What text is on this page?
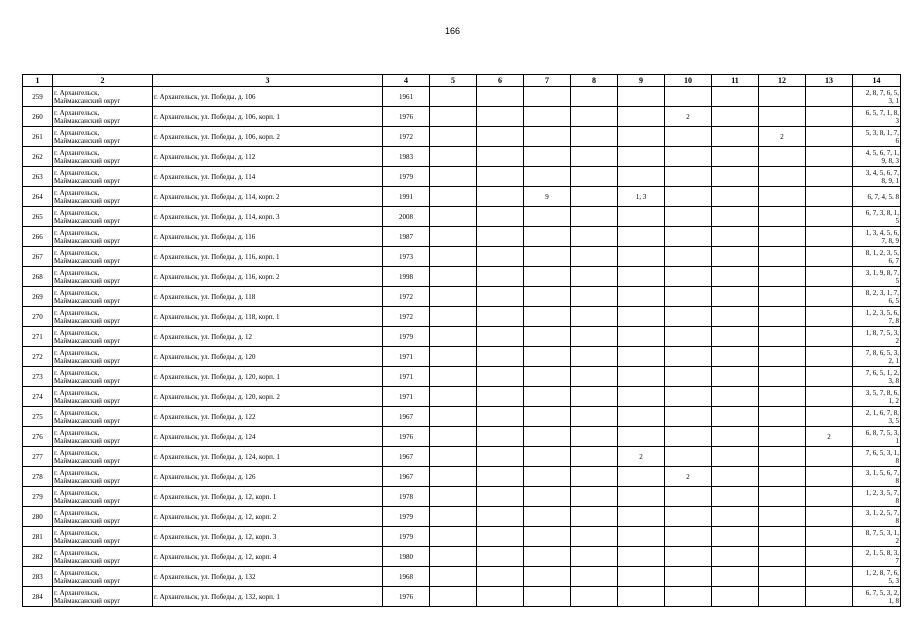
166
1	2	3	4	5	6	7	8	9	10	11	12	13	14
259	г. Архангельск,
Маймаксанский округ	г. Архангельск, ул. Победы, д. 106	1961										2, 8, 7, 6, 5,
3, 1
260	г. Архангельск,
Маймаксанский округ	г. Архангельск, ул. Победы, д. 106, корп. 1	1976						2				6, 5, 7, 1, 8,
3
261	г. Архангельск,
Маймаксанский округ	г. Архангельск, ул. Победы, д. 106, корп. 2	1972								2		5, 3, 8, 1, 7,
6
262	г. Архангельск,
Маймаксанский округ	г. Архангельск, ул. Победы, д. 112	1983										4, 5, 6, 7, 1,
9, 8, 3
263	г. Архангельск,
Маймаксанский округ	г. Архангельск, ул. Победы, д. 114	1979										3, 4, 5, 6, 7,
8, 9, 1
264	г. Архангельск,
Маймаксанский округ	г. Архангельск, ул. Победы, д. 114, корп. 2	1991			9		1, 3					6, 7, 4, 5. 8
265	г. Архангельск,
Маймаксанский округ	г. Архангельск, ул. Победы, д. 114, корп. 3	2008										6, 7, 3, 8, 1,
5
266	г. Архангельск,
Маймаксанский округ	г. Архангельск, ул. Победы, д. 116	1987										1, 3, 4, 5, 6,
7, 8, 9
267	г. Архангельск,
Маймаксанский округ	г. Архангельск, ул. Победы, д. 116, корп. 1	1973										8, 1, 2, 3, 5,
6, 7
268	г. Архангельск,
Маймаксанский округ	г. Архангельск, ул. Победы, д. 116, корп. 2	1998										3, 1, 9, 8, 7,
5
269	г. Архангельск,
Маймаксанский округ	г. Архангельск, ул. Победы, д. 118	1972										8, 2, 3, 1, 7,
6, 5
270	г. Архангельск,
Маймаксанский округ	г. Архангельск, ул. Победы, д. 118, корп. 1	1972										1, 2, 3, 5, 6,
7, 8
271	г. Архангельск,
Маймаксанский округ	г. Архангельск, ул. Победы, д. 12	1979										1, 8, 7, 5, 3,
2
272	г. Архангельск,
Маймаксанский округ	г. Архангельск, ул. Победы, д. 120	1971										7, 8, 6, 5, 3,
2, 1
273	г. Архангельск,
Маймаксанский округ	г. Архангельск, ул. Победы, д. 120, корп. 1	1971										7, 6, 5, 1, 2,
3, 8
274	г. Архангельск,
Маймаксанский округ	г. Архангельск, ул. Победы, д. 120, корп. 2	1971										3, 5, 7, 8, 6,
1, 2
275	г. Архангельск,
Маймаксанский округ	г. Архангельск, ул. Победы, д. 122	1967										2, 1, 6, 7, 8,
3, 5
276	г. Архангельск,
Маймаксанский округ	г. Архангельск, ул. Победы, д. 124	1976									2	6, 8, 7, 5, 3,
1
277	г. Архангельск,
Маймаксанский округ	г. Архангельск, ул. Победы, д. 124, корп. 1	1967					2					7, 6, 5, 3, 1,
8
278	г. Архангельск,
Маймаксанский округ	г. Архангельск, ул. Победы, д. 126	1967						2				3, 1, 5, 6, 7,
8
279	г. Архангельск,
Маймаксанский округ	г. Архангельск, ул. Победы, д. 12, корп. 1	1978										1, 2, 3, 5, 7,
8
280	г. Архангельск,
Маймаксанский округ	г. Архангельск, ул. Победы, д. 12, корп. 2	1979										3, 1, 2, 5, 7,
8
281	г. Архангельск,
Маймаксанский округ	г. Архангельск, ул. Победы, д. 12, корп. 3	1979										8, 7, 5, 3, 1,
2
282	г. Архангельск,
Маймаксанский округ	г. Архангельск, ул. Победы, д. 12, корп. 4	1980										2, 1, 5, 8, 3,
7
283	г. Архангельск,
Маймаксанский округ	г. Архангельск, ул. Победы, д. 132	1968										1, 2, 8, 7, 6,
5, 3
284	г. Архангельск,
Маймаксанский округ	г. Архангельск, ул. Победы, д. 132, корп. 1	1976										6, 7, 5, 3, 2,
1, 8
